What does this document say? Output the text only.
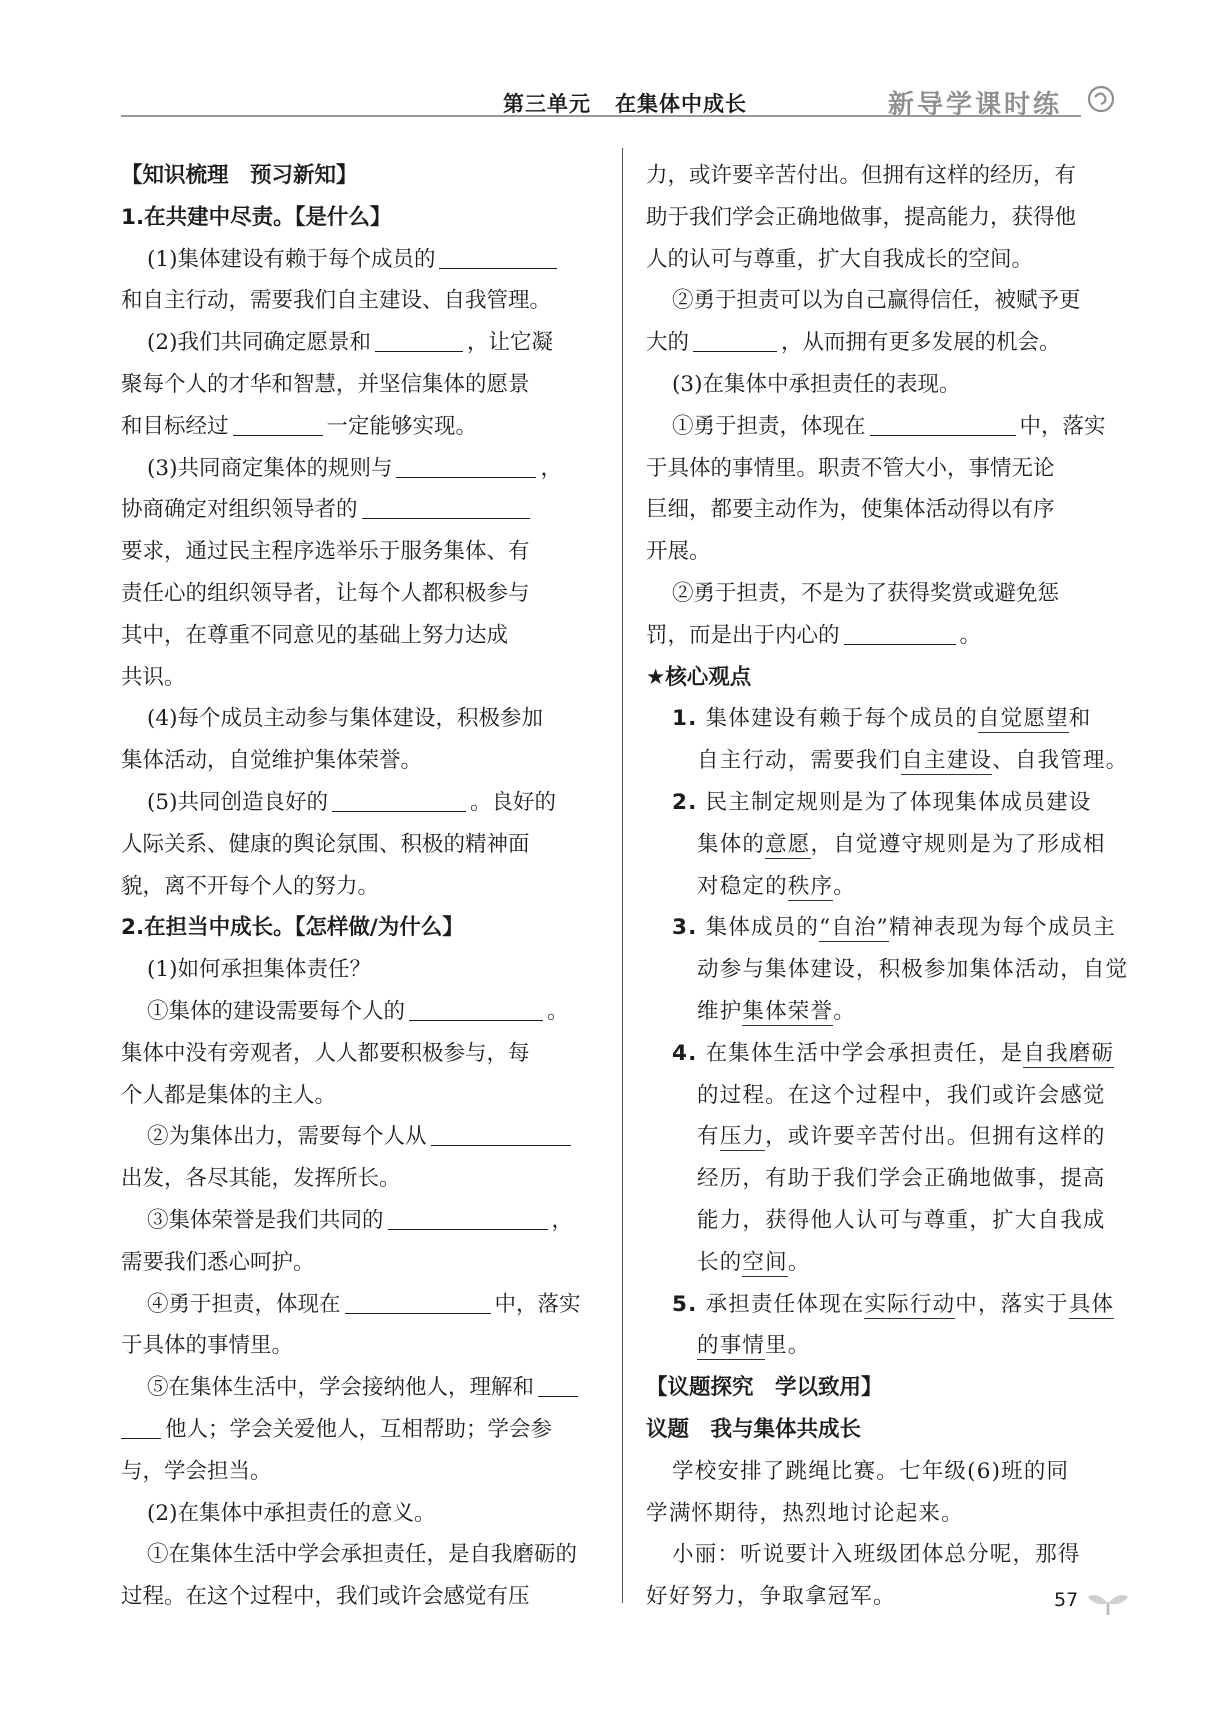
第三单元 在集体中成长	新导学课时练
【知识梳理　预习新知】
1.在共建中尽责。【是什么】
(1)集体建设有赖于每个成员的
和自主行动，需要我们自主建设、自我管理。
(2)我们共同确定愿景和	，让它凝
聚每个人的才华和智慧，并坚信集体的愿景
和目标经过	一定能够实现。
(3)共同商定集体的规则与	，
协商确定对组织领导者的
要求，通过民主程序选举乐于服务集体、有
责任心的组织领导者，让每个人都积极参与
其中，在尊重不同意见的基础上努力达成
共识。
(4)每个成员主动参与集体建设，积极参加
集体活动，自觉维护集体荣誉。
(5)共同创造良好的	。良好的
人际关系、健康的舆论氛围、积极的精神面
貌，离不开每个人的努力。
2.在担当中成长。【怎样做/为什么】
(1)如何承担集体责任？
①集体的建设需要每个人的	。
集体中没有旁观者，人人都要积极参与，每
个人都是集体的主人。
②为集体出力，需要每个人从
出发，各尽其能，发挥所长。
③集体荣誉是我们共同的	，
需要我们悉心呵护。
④勇于担责，体现在	中，落实
于具体的事情里。
⑤在集体生活中，学会接纳他人，理解和
他人；学会关爱他人，互相帮助；学会参
与，学会担当。
(2)在集体中承担责任的意义。
①在集体生活中学会承担责任，是自我磨砺的
过程。在这个过程中，我们或许会感觉有压
力，或许要辛苦付出。但拥有这样的经历，有
助于我们学会正确地做事，提高能力，获得他
人的认可与尊重，扩大自我成长的空间。
②勇于担责可以为自己赢得信任，被赋予更
大的	，从而拥有更多发展的机会。
(3)在集体中承担责任的表现。
①勇于担责，体现在	中，落实
于具体的事情里。职责不管大小，事情无论
巨细，都要主动作为，使集体活动得以有序
开展。
②勇于担责，不是为了获得奖赏或避免惩
罚，而是出于内心的	。
★核心观点
1. 集体建设有赖于每个成员的自觉愿望和
自主行动，需要我们自主建设、自我管理。
2. 民主制定规则是为了体现集体成员建设
集体的意愿，自觉遵守规则是为了形成相
对稳定的秩序。
3. 集体成员的“自治”精神表现为每个成员主
动参与集体建设，积极参加集体活动，自觉
维护集体荣誉。
4. 在集体生活中学会承担责任，是自我磨砺
的过程。在这个过程中，我们或许会感觉
有压力，或许要辛苦付出。但拥有这样的
经历，有助于我们学会正确地做事，提高
能力，获得他人认可与尊重，扩大自我成
长的空间。
5. 承担责任体现在实际行动中，落实于具体
的事情里。
【议题探究　学以致用】
议题　我与集体共成长
学校安排了跳绳比赛。七年级(6)班的同
学满怀期待，热烈地讨论起来。
小丽：听说要计入班级团体总分呢，那得
好好努力，争取拿冠军。	57
